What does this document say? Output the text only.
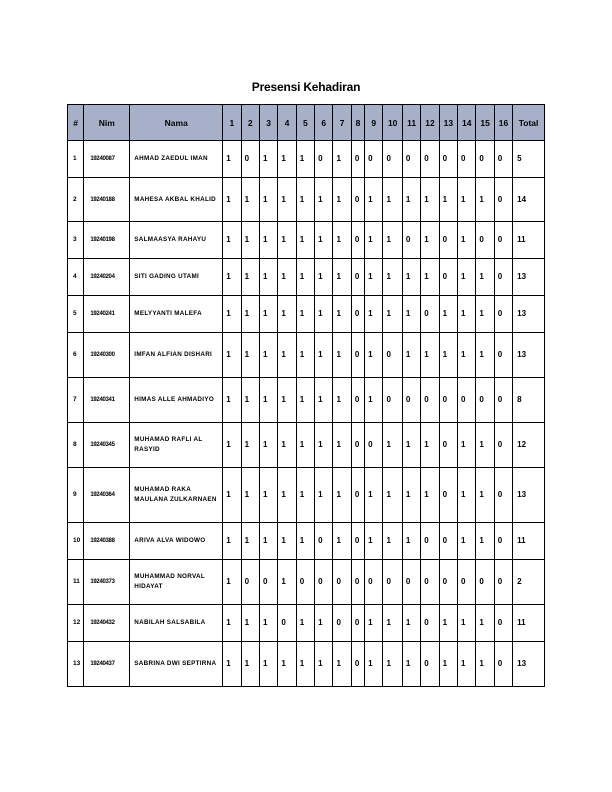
Presensi Kehadiran
#	Nim	Nama	1	2	3	4	5	6	7	8	9	10	11	12	13	14	15	16	Total
1	19240087	AHMAD ZAEDUL IMAN	1	0	1	1	1	0	1	0	0	0	0	0	0	0	0	0	5
2	19240188	MAHESA AKBAL KHALID	1	1	1	1	1	1	1	0	1	1	1	1	1	1	1	0	14
3	19240198	SALMAASYA RAHAYU	1	1	1	1	1	1	1	0	1	1	0	1	0	1	0	0	11
4	19240204	SITI GADING UTAMI	1	1	1	1	1	1	1	0	1	1	1	1	0	1	1	0	13
5	19240241	MELYYANTI MALEFA	1	1	1	1	1	1	1	0	1	1	1	0	1	1	1	0	13
6	19240300	IMFAN ALFIAN DISHARI	1	1	1	1	1	1	1	0	1	0	1	1	1	1	1	0	13
7	19240341	HIMAS ALLE AHMADIYO	1	1	1	1	1	1	1	0	1	0	0	0	0	0	0	0	8
8	19240345	MUHAMAD RAFLI AL RASYID	1	1	1	1	1	1	1	0	0	1	1	1	0	1	1	0	12
9	19240364	MUHAMAD RAKA MAULANA ZULKARNAEN	1	1	1	1	1	1	1	0	1	1	1	1	0	1	1	0	13
10	19240388	ARIVA ALVA WIDOWO	1	1	1	1	1	0	1	0	1	1	1	0	0	1	1	0	11
11	19240373	MUHAMMAD NORVAL HIDAYAT	1	0	0	1	0	0	0	0	0	0	0	0	0	0	0	0	2
12	19240432	NABILAH SALSABILA	1	1	1	0	1	1	0	0	1	1	1	0	1	1	1	0	11
13	19240437	SABRINA DWI SEPTIRNA	1	1	1	1	1	1	1	0	1	1	1	0	1	1	1	0	13
